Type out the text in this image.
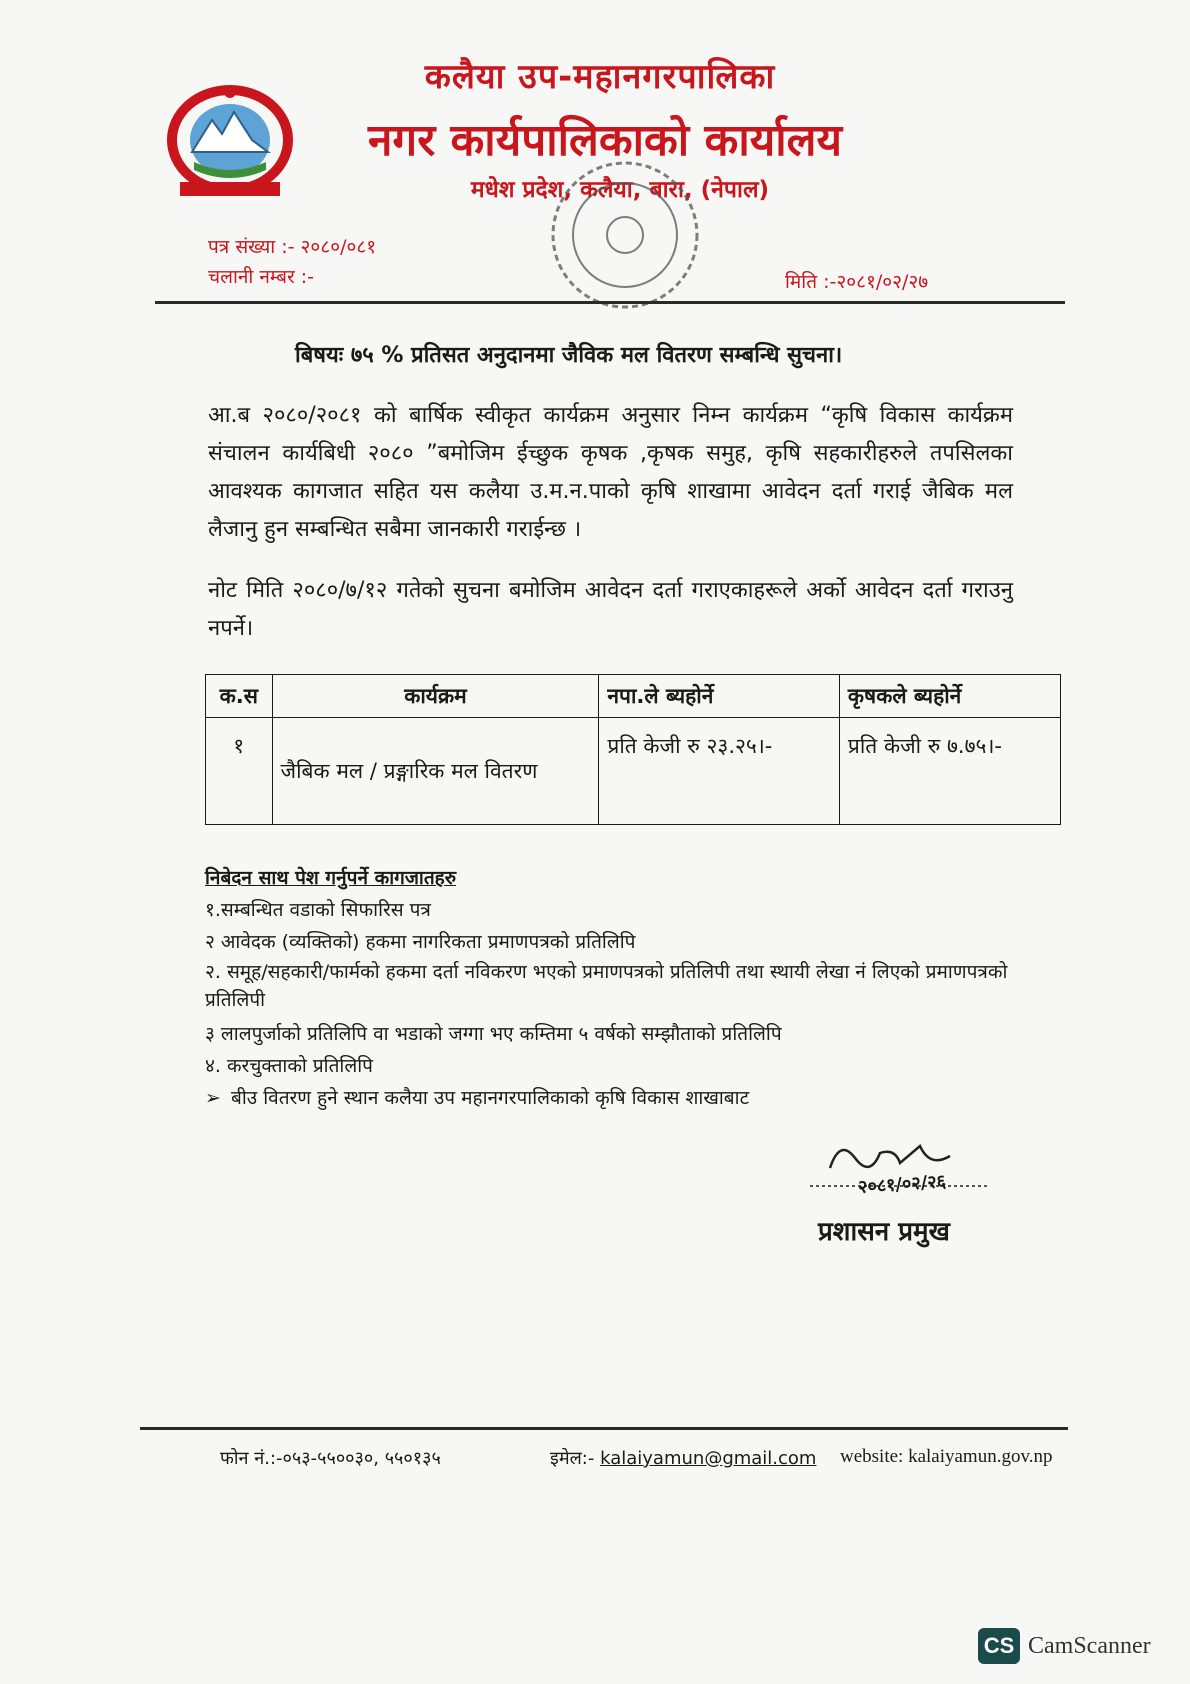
कलैया उप-महानगरपालिका
नगर कार्यपालिकाको कार्यालय
मधेश प्रदेश, कलैया, बारा, (नेपाल)
पत्र संख्या :- २०८०/०८१
चलानी नम्बर :-	मिति :-२०८१/०२/२७
बिषयः ७५ % प्रतिसत अनुदानमा जैविक मल वितरण सम्बन्धि सुचना।
आ.ब २०८०/२०८१ को बार्षिक स्वीकृत कार्यक्रम अनुसार निम्न कार्यक्रम “कृषि विकास कार्यक्रम संचालन कार्यबिधी २०८० ”बमोजिम ईच्छुक कृषक ,कृषक समुह, कृषि सहकारीहरुले तपसिलका आवश्यक कागजात सहित यस कलैया उ.म.न.पाको कृषि शाखामा आवेदन दर्ता गराई जैबिक मल लैजानु हुन सम्बन्धित सबैमा जानकारी गराईन्छ ।
नोट मिति २०८०/७/१२ गतेको सुचना बमोजिम आवेदन दर्ता गराएकाहरूले अर्को आवेदन दर्ता गराउनु नपर्ने।
क.स	कार्यक्रम	नपा.ले ब्यहोर्ने	कृषकले ब्यहोर्ने
१	जैबिक मल / प्रङ्गारिक मल वितरण	प्रति केजी रु २३.२५।-	प्रति केजी रु ७.७५।-
निबेदन साथ पेश गर्नुपर्ने कागजातहरु
१.सम्बन्धित वडाको सिफारिस पत्र
२ आवेदक (व्यक्तिको) हकमा नागरिकता प्रमाणपत्रको प्रतिलिपि
२. समूह/सहकारी/फार्मको हकमा दर्ता नविकरण भएको प्रमाणपत्रको प्रतिलिपी तथा स्थायी लेखा नं लिएको प्रमाणपत्रको प्रतिलिपी
३ लालपुर्जाको प्रतिलिपि वा भडाको जग्गा भए कम्तिमा ५ वर्षको सम्झौताको प्रतिलिपि
४. करचुक्ताको प्रतिलिपि
➢ बीउ वितरण हुने स्थान कलैया उप महानगरपालिकाको कृषि विकास शाखाबाट
२०८१/०२/२६
प्रशासन प्रमुख
फोन नं.:-०५३-५५००३०, ५५०१३५	इमेल:- kalaiyamun@gmail.com website: kalaiyamun.gov.np
CS CamScanner
